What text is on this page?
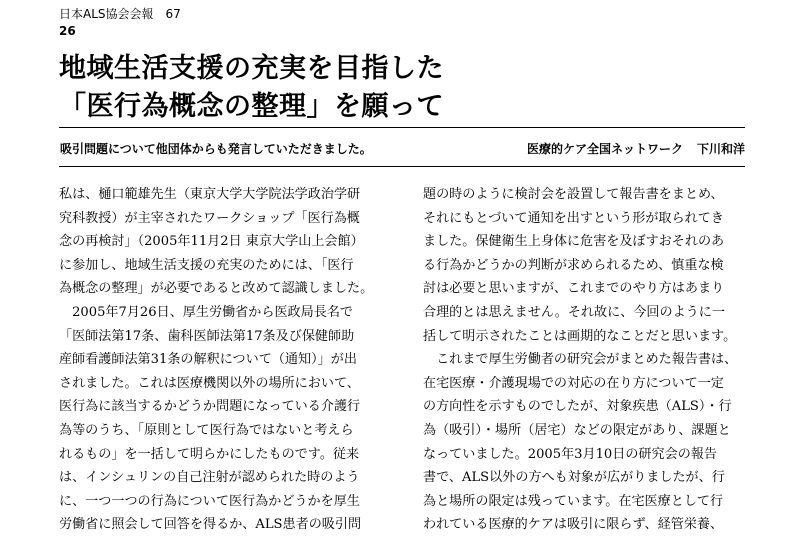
日本ALS協会会報 67
26
地域生活支援の充実を目指した
「医行為概念の整理」を願って
吸引問題について他団体からも発言していただきました。	医療的ケア全国ネットワーク 下川和洋
私は、樋口範雄先生（東京大学大学院法学政治学研
究科教授）が主宰されたワークショップ「医行為概
念の再検討」（2005年11月2日 東京大学山上会館）
に参加し、地域生活支援の充実のためには、「医行
為概念の整理」が必要であると改めて認識しました。
　2005年7月26日、厚生労働省から医政局長名で
「医師法第17条、歯科医師法第17条及び保健師助
産師看護師法第31条の解釈について（通知）」が出
されました。これは医療機関以外の場所において、
医行為に該当するかどうか問題になっている介護行
為等のうち、「原則として医行為ではないと考えら
れるもの」を一括して明らかにしたものです。従来
は、インシュリンの自己注射が認められた時のよう
に、一つ一つの行為について医行為かどうかを厚生
労働省に照会して回答を得るか、ALS患者の吸引問
題の時のように検討会を設置して報告書をまとめ、
それにもとづいて通知を出すという形が取られてき
ました。保健衛生上身体に危害を及ぼすおそれのあ
る行為かどうかの判断が求められるため、慎重な検
討は必要と思いますが、これまでのやり方はあまり
合理的とは思えません。それ故に、今回のように一
括して明示されたことは画期的なことだと思います。
　これまで厚生労働者の研究会がまとめた報告書は、
在宅医療・介護現場での対応の在り方について一定
の方向性を示すものでしたが、対象疾患（ALS）・行
為（吸引）・場所（居宅）などの限定があり、課題と
なっていました。2005年3月10日の研究会の報告
書で、ALS以外の方へも対象が広がりましたが、行
為と場所の限定は残っています。在宅医療として行
われている医療的ケアは吸引に限らず、経管栄養、
